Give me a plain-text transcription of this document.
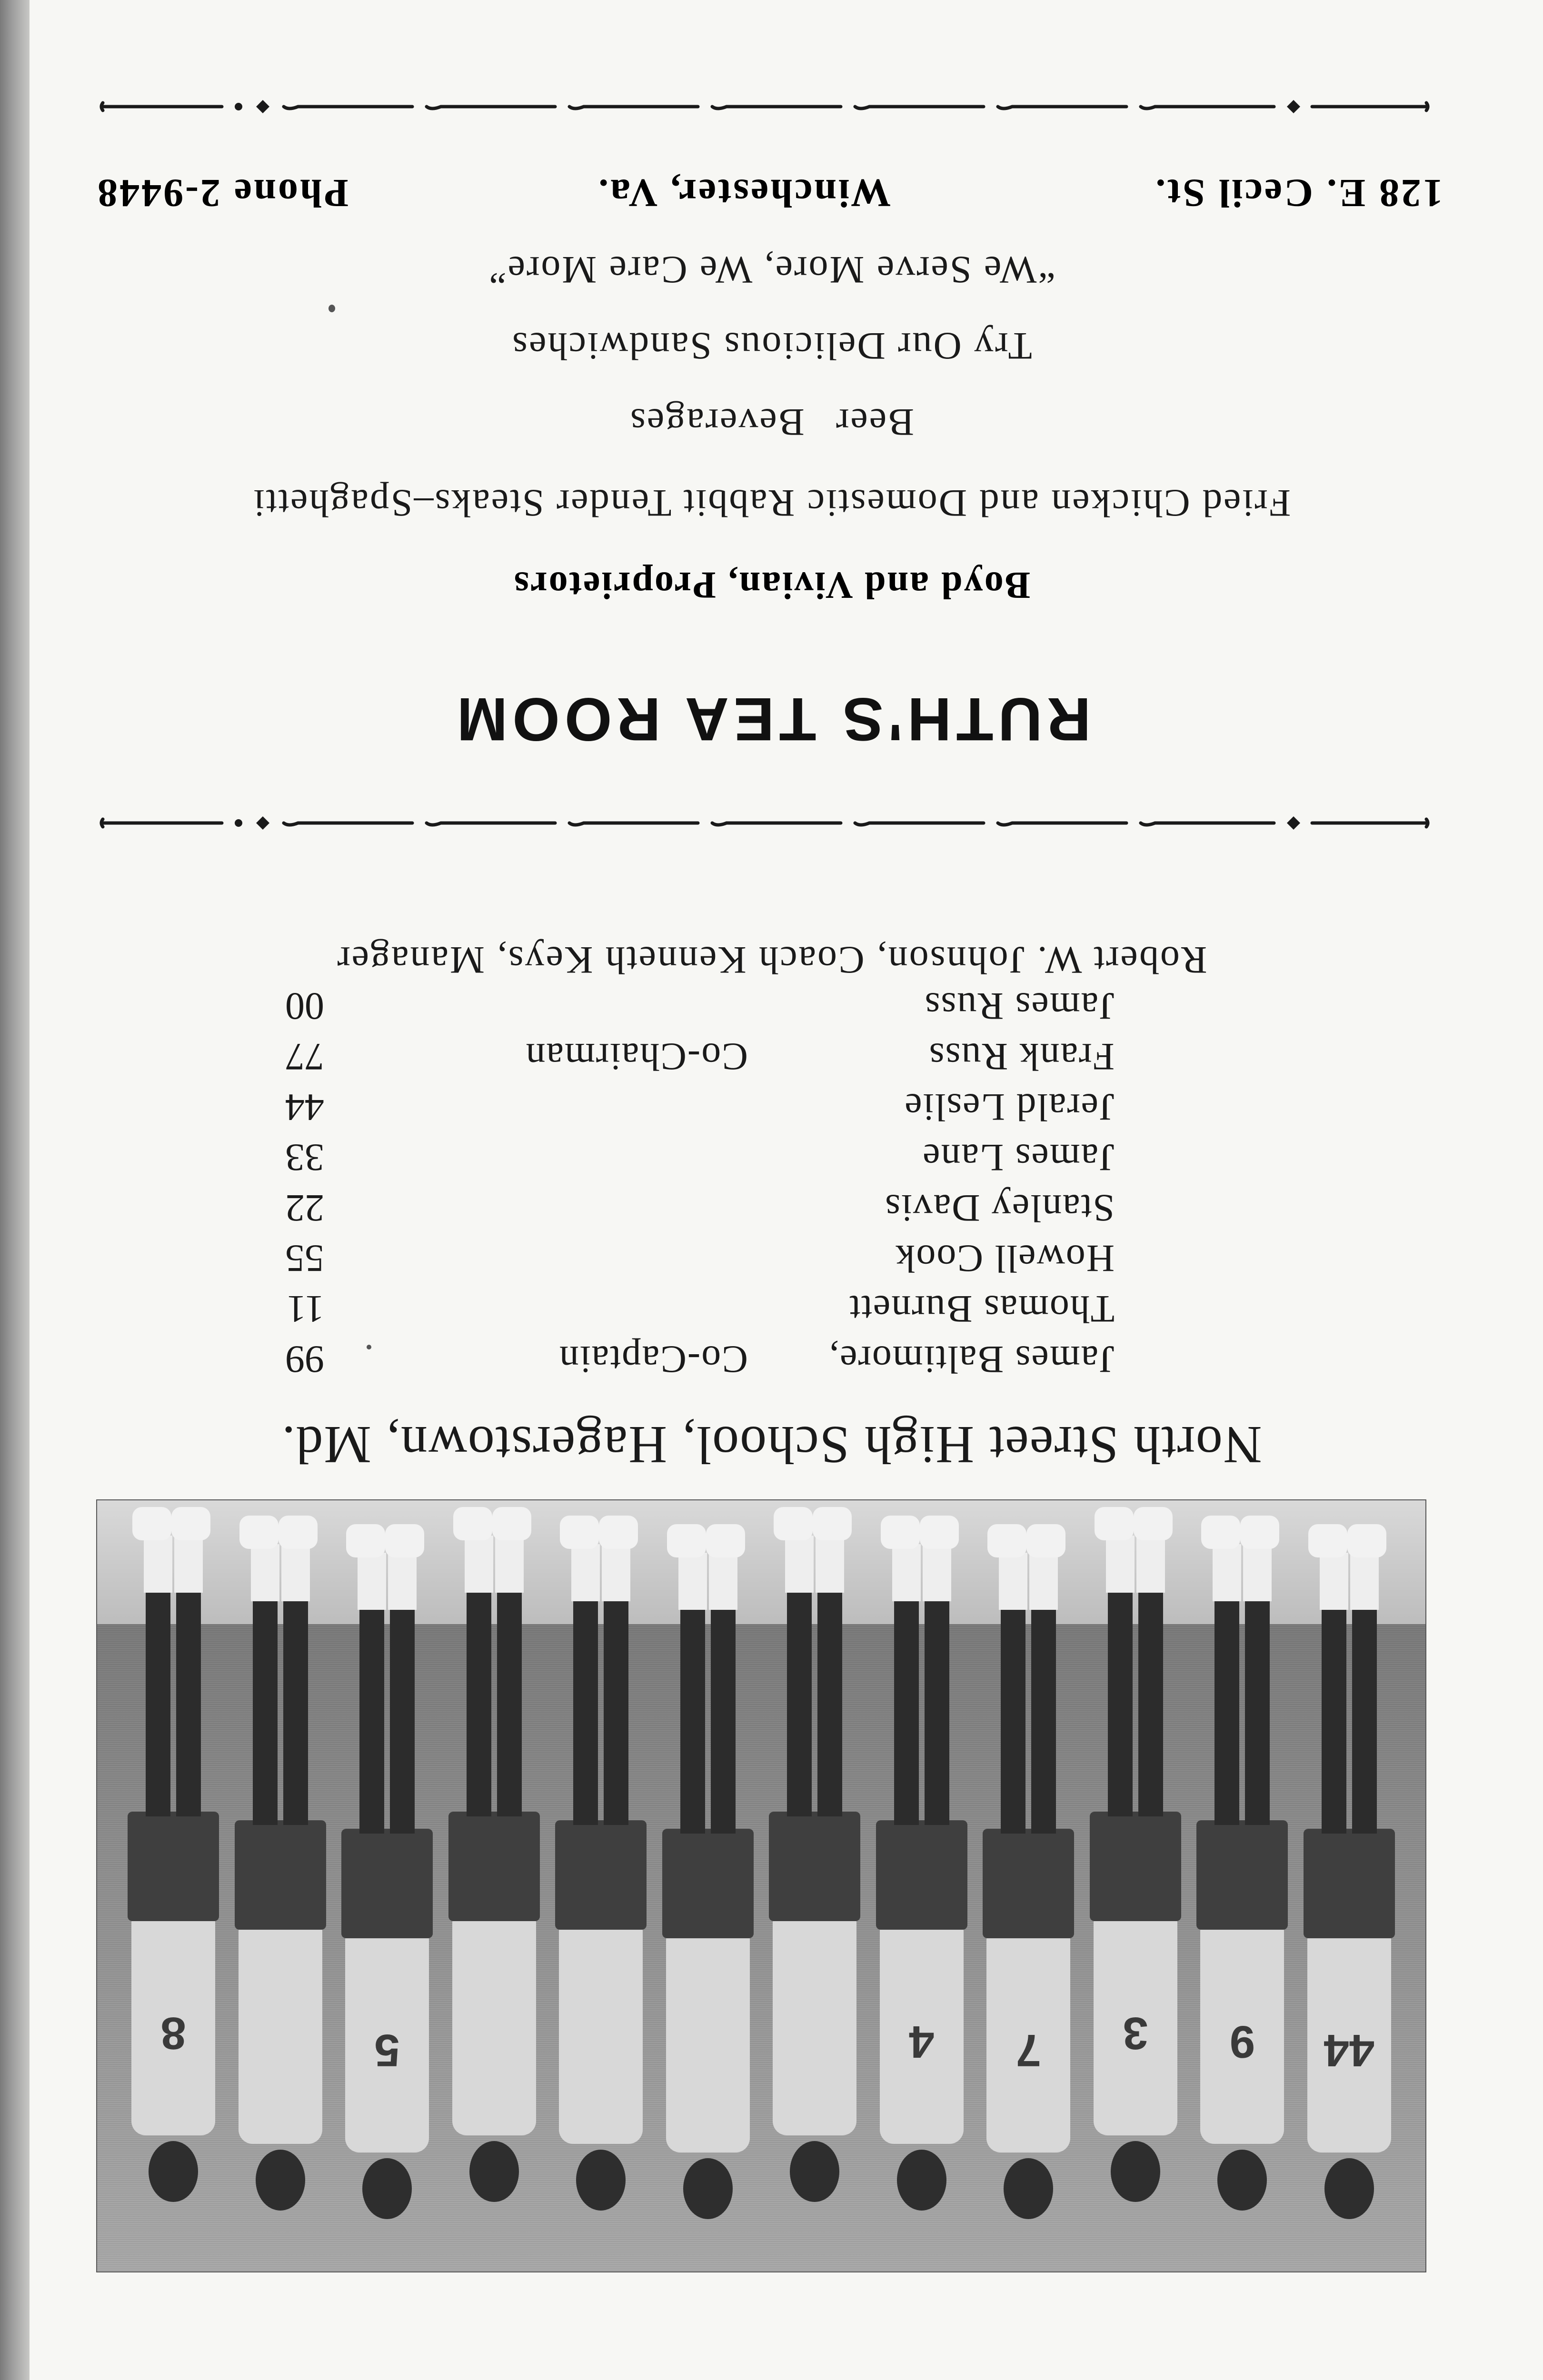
44
9
3
7
4
5
8
North Street High School, Hagerstown, Md.
James Baltimore,
Co-Captain
99
Thomas Burnett
11
Howell Cook
55
Stanley Davis
22
James Lane
33
Jerald Leslie
44
Frank Russ
Co-Chairman
77
James Russ
00
Robert W. Johnson, Coach Kenneth Keys, Manager
RUTH'S TEA ROOM
Boyd and Vivian, Proprietors
Fried Chicken and Domestic Rabbit Tender Steaks–Spaghetti
Beer Beverages
Try Our Delicious Sandwiches
“We Serve More, We Care More”
128 E. Cecil St.
Winchester, Va.
Phone 2-9448
